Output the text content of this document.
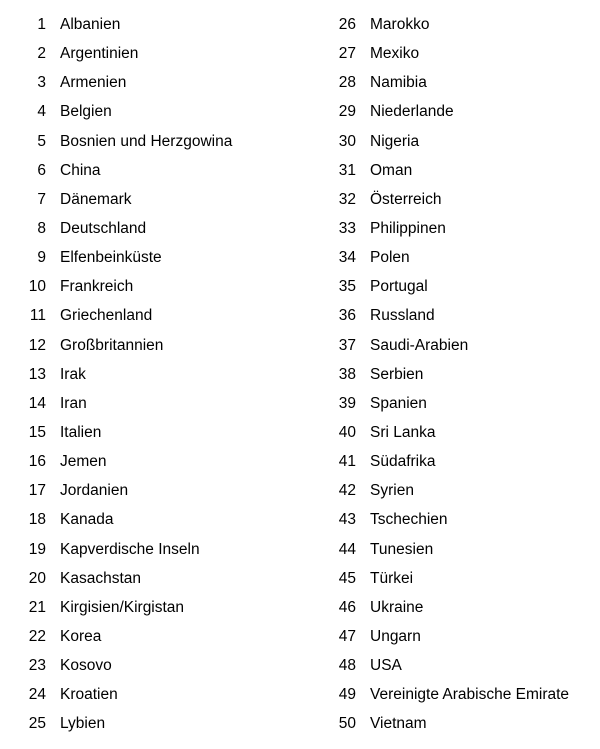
1 Albanien
2 Argentinien
3 Armenien
4 Belgien
5 Bosnien und Herzgowina
6 China
7 Dänemark
8 Deutschland
9 Elfenbeinküste
10 Frankreich
11 Griechenland
12 Großbritannien
13 Irak
14 Iran
15 Italien
16 Jemen
17 Jordanien
18 Kanada
19 Kapverdische Inseln
20 Kasachstan
21 Kirgisien/Kirgistan
22 Korea
23 Kosovo
24 Kroatien
25 Lybien
26 Marokko
27 Mexiko
28 Namibia
29 Niederlande
30 Nigeria
31 Oman
32 Österreich
33 Philippinen
34 Polen
35 Portugal
36 Russland
37 Saudi-Arabien
38 Serbien
39 Spanien
40 Sri Lanka
41 Südafrika
42 Syrien
43 Tschechien
44 Tunesien
45 Türkei
46 Ukraine
47 Ungarn
48 USA
49 Vereinigte Arabische Emirate
50 Vietnam
